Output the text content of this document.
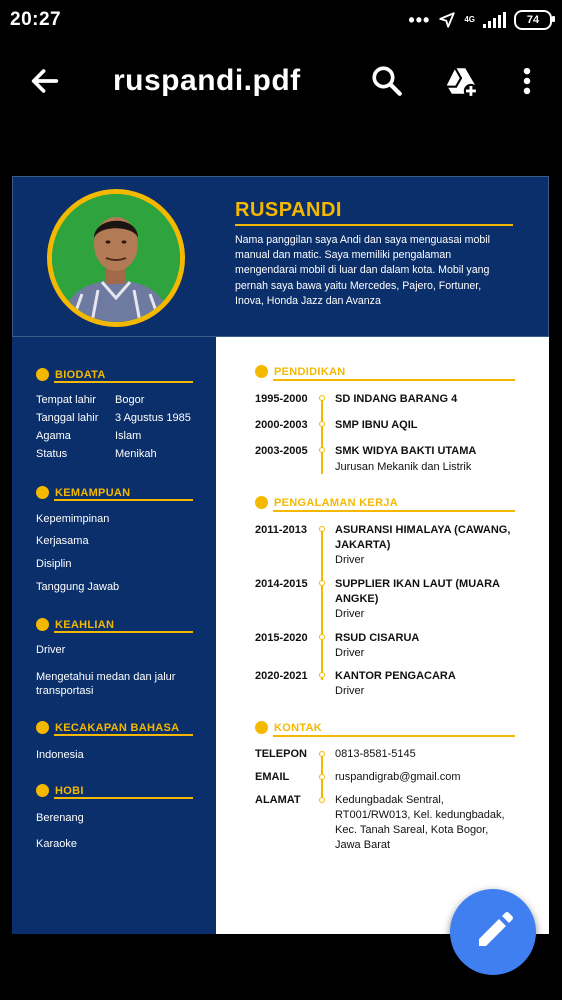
20:27	•••	4G	74
ruspandi.pdf
RUSPANDI
Nama panggilan saya Andi dan saya menguasai mobil
manual dan matic. Saya memiliki pengalaman
mengendarai mobil di luar dan dalam kota. Mobil yang
pernah saya bawa yaitu Mercedes, Pajero, Fortuner,
Inova, Honda Jazz dan Avanza
BIODATA
Tempat lahir Bogor
Tanggal lahir 3 Agustus 1985
Agama	Islam
Status	Menikah
KEMAMPUAN
Kepemimpinan
Kerjasama
Disiplin
Tanggung Jawab
KEAHLIAN
Driver
Mengetahui medan dan jalur
transportasi
KECAKAPAN BAHASA
Indonesia
HOBI
Berenang
Karaoke
PENDIDIKAN
1995-2000 SD INDANG BARANG 4
2000-2003 SMP IBNU AQIL
2003-2005 SMK WIDYA BAKTI UTAMA
Jurusan Mekanik dan Listrik
PENGALAMAN KERJA
2011-2013	ASURANSI HIMALAYA (CAWANG,
JAKARTA)
Driver
2014-2015 SUPPLIER IKAN LAUT (MUARA
ANGKE)
Driver
2015-2020 RSUD CISARUA
Driver
2020-2021 KANTOR PENGACARA
Driver
KONTAK
TELEPON	0813-8581-5145
EMAIL	ruspandigrab@gmail.com
ALAMAT	Kedungbadak Sentral,
RT001/RW013, Kel. kedungbadak,
Kec. Tanah Sareal, Kota Bogor,
Jawa Barat
